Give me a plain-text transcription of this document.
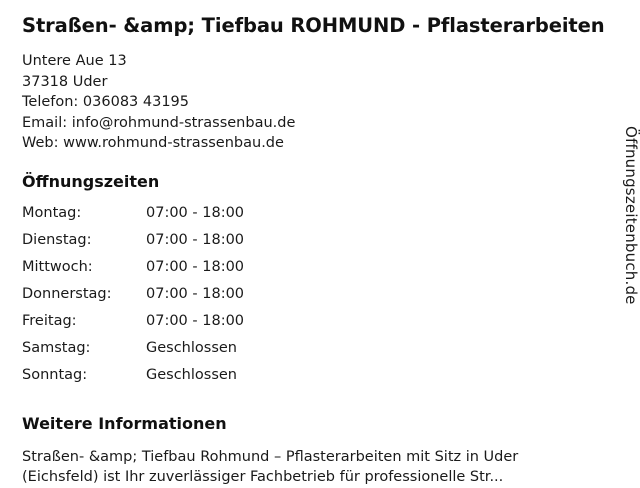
Straßen- &amp; Tiefbau ROHMUND - Pflasterarbeiten
Untere Aue 13
37318 Uder
Telefon: 036083 43195
Email: info@rohmund-strassenbau.de
Web: www.rohmund-strassenbau.de
Öffnungszeiten
Montag:	07:00 - 18:00
Dienstag:	07:00 - 18:00
Mittwoch:	07:00 - 18:00
Donnerstag:	07:00 - 18:00
Freitag:	07:00 - 18:00
Samstag:	Geschlossen
Sonntag:	Geschlossen
Weitere Informationen
Straßen- &amp; Tiefbau Rohmund – Pflasterarbeiten mit Sitz in Uder (Eichsfeld) ist Ihr zuverlässiger Fachbetrieb für professionelle Str...
Öffnungszeitenbuch.de
